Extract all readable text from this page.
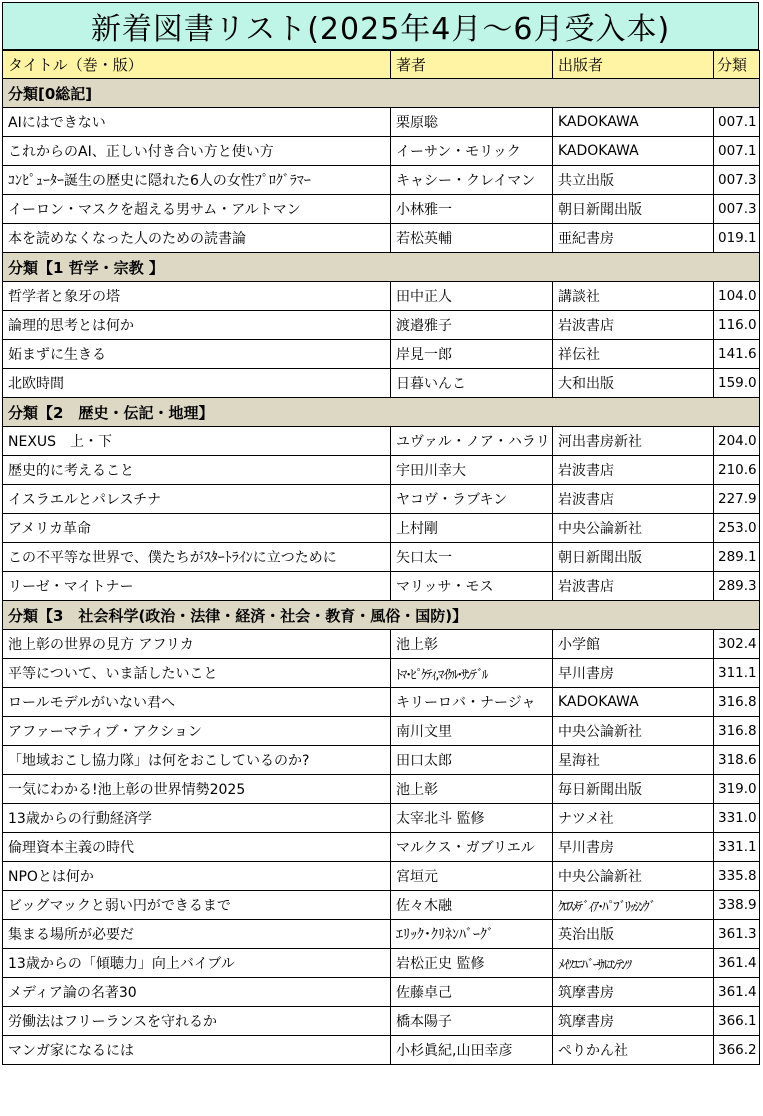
新着図書リスト(2025年4月～6月受入本)
タイトル（巻・版）	著者	出版者	分類
分類[0総記]			
AIにはできない	栗原聡	KADOKAWA	007.1
これからのAI、正しい付き合い方と使い方	イーサン・モリック	KADOKAWA	007.1
ｺﾝﾋﾟｭｰﾀｰ誕生の歴史に隠れた6人の女性ﾌﾟﾛｸﾞﾗﾏｰ	キャシー・クレイマン	共立出版	007.3
イーロン・マスクを超える男サム・アルトマン	小林雅一	朝日新聞出版	007.3
本を読めなくなった人のための読書論	若松英輔	亜紀書房	019.1
分類【1 哲学・宗教 】			
哲学者と象牙の塔	田中正人	講談社	104.0
論理的思考とは何か	渡邉雅子	岩波書店	116.0
妬まずに生きる	岸見一郎	祥伝社	141.6
北欧時間	日暮いんこ	大和出版	159.0
分類【2　歴史・伝記・地理】			
NEXUS　上・下	ユヴァル・ノア・ハラリ	河出書房新社	204.0
歴史的に考えること	宇田川幸大	岩波書店	210.6
イスラエルとパレスチナ	ヤコヴ・ラブキン	岩波書店	227.9
アメリカ革命	上村剛	中央公論新社	253.0
この不平等な世界で、僕たちがｽﾀｰﾄﾗｲﾝに立つために	矢口太一	朝日新聞出版	289.1
リーゼ・マイトナー	マリッサ・モス	岩波書店	289.3
分類【3　社会科学(政治・法律・経済・社会・教育・風俗・国防)】			
池上彰の世界の見方 アフリカ	池上彰	小学館	302.4
平等について、いま話したいこと	ﾄﾏ･ﾋﾟｹﾃｨ,ﾏｲｹﾙ･ｻﾝﾃﾞﾙ	早川書房	311.1
ロールモデルがいない君へ	キリーロバ・ナージャ	KADOKAWA	316.8
アファーマティブ・アクション	南川文里	中央公論新社	316.8
「地域おこし協力隊」は何をおこしているのか?	田口太郎	星海社	318.6
一気にわかる!池上彰の世界情勢2025	池上彰	毎日新聞出版	319.0
13歳からの行動経済学	太宰北斗 監修	ナツメ社	331.0
倫理資本主義の時代	マルクス・ガブリエル	早川書房	331.1
NPOとは何か	宮垣元	中央公論新社	335.8
ビッグマックと弱い円ができるまで	佐々木融	ｸﾛｽﾒﾃﾞｨｱ･ﾊﾟﾌﾞﾘｯｼﾝｸﾞ	338.9
集まる場所が必要だ	ｴﾘｯｸ･ｸﾘﾈﾝﾊﾞｰｸﾞ	英治出版	361.3
13歳からの「傾聴力」向上バイブル	岩松正史 監修	ﾒｲﾂﾕﾆﾊﾞｰｻﾙｺﾝﾃﾝﾂ	361.4
メディア論の名著30	佐藤卓己	筑摩書房	361.4
労働法はフリーランスを守れるか	橋本陽子	筑摩書房	366.1
マンガ家になるには	小杉眞紀,山田幸彦	ぺりかん社	366.2
